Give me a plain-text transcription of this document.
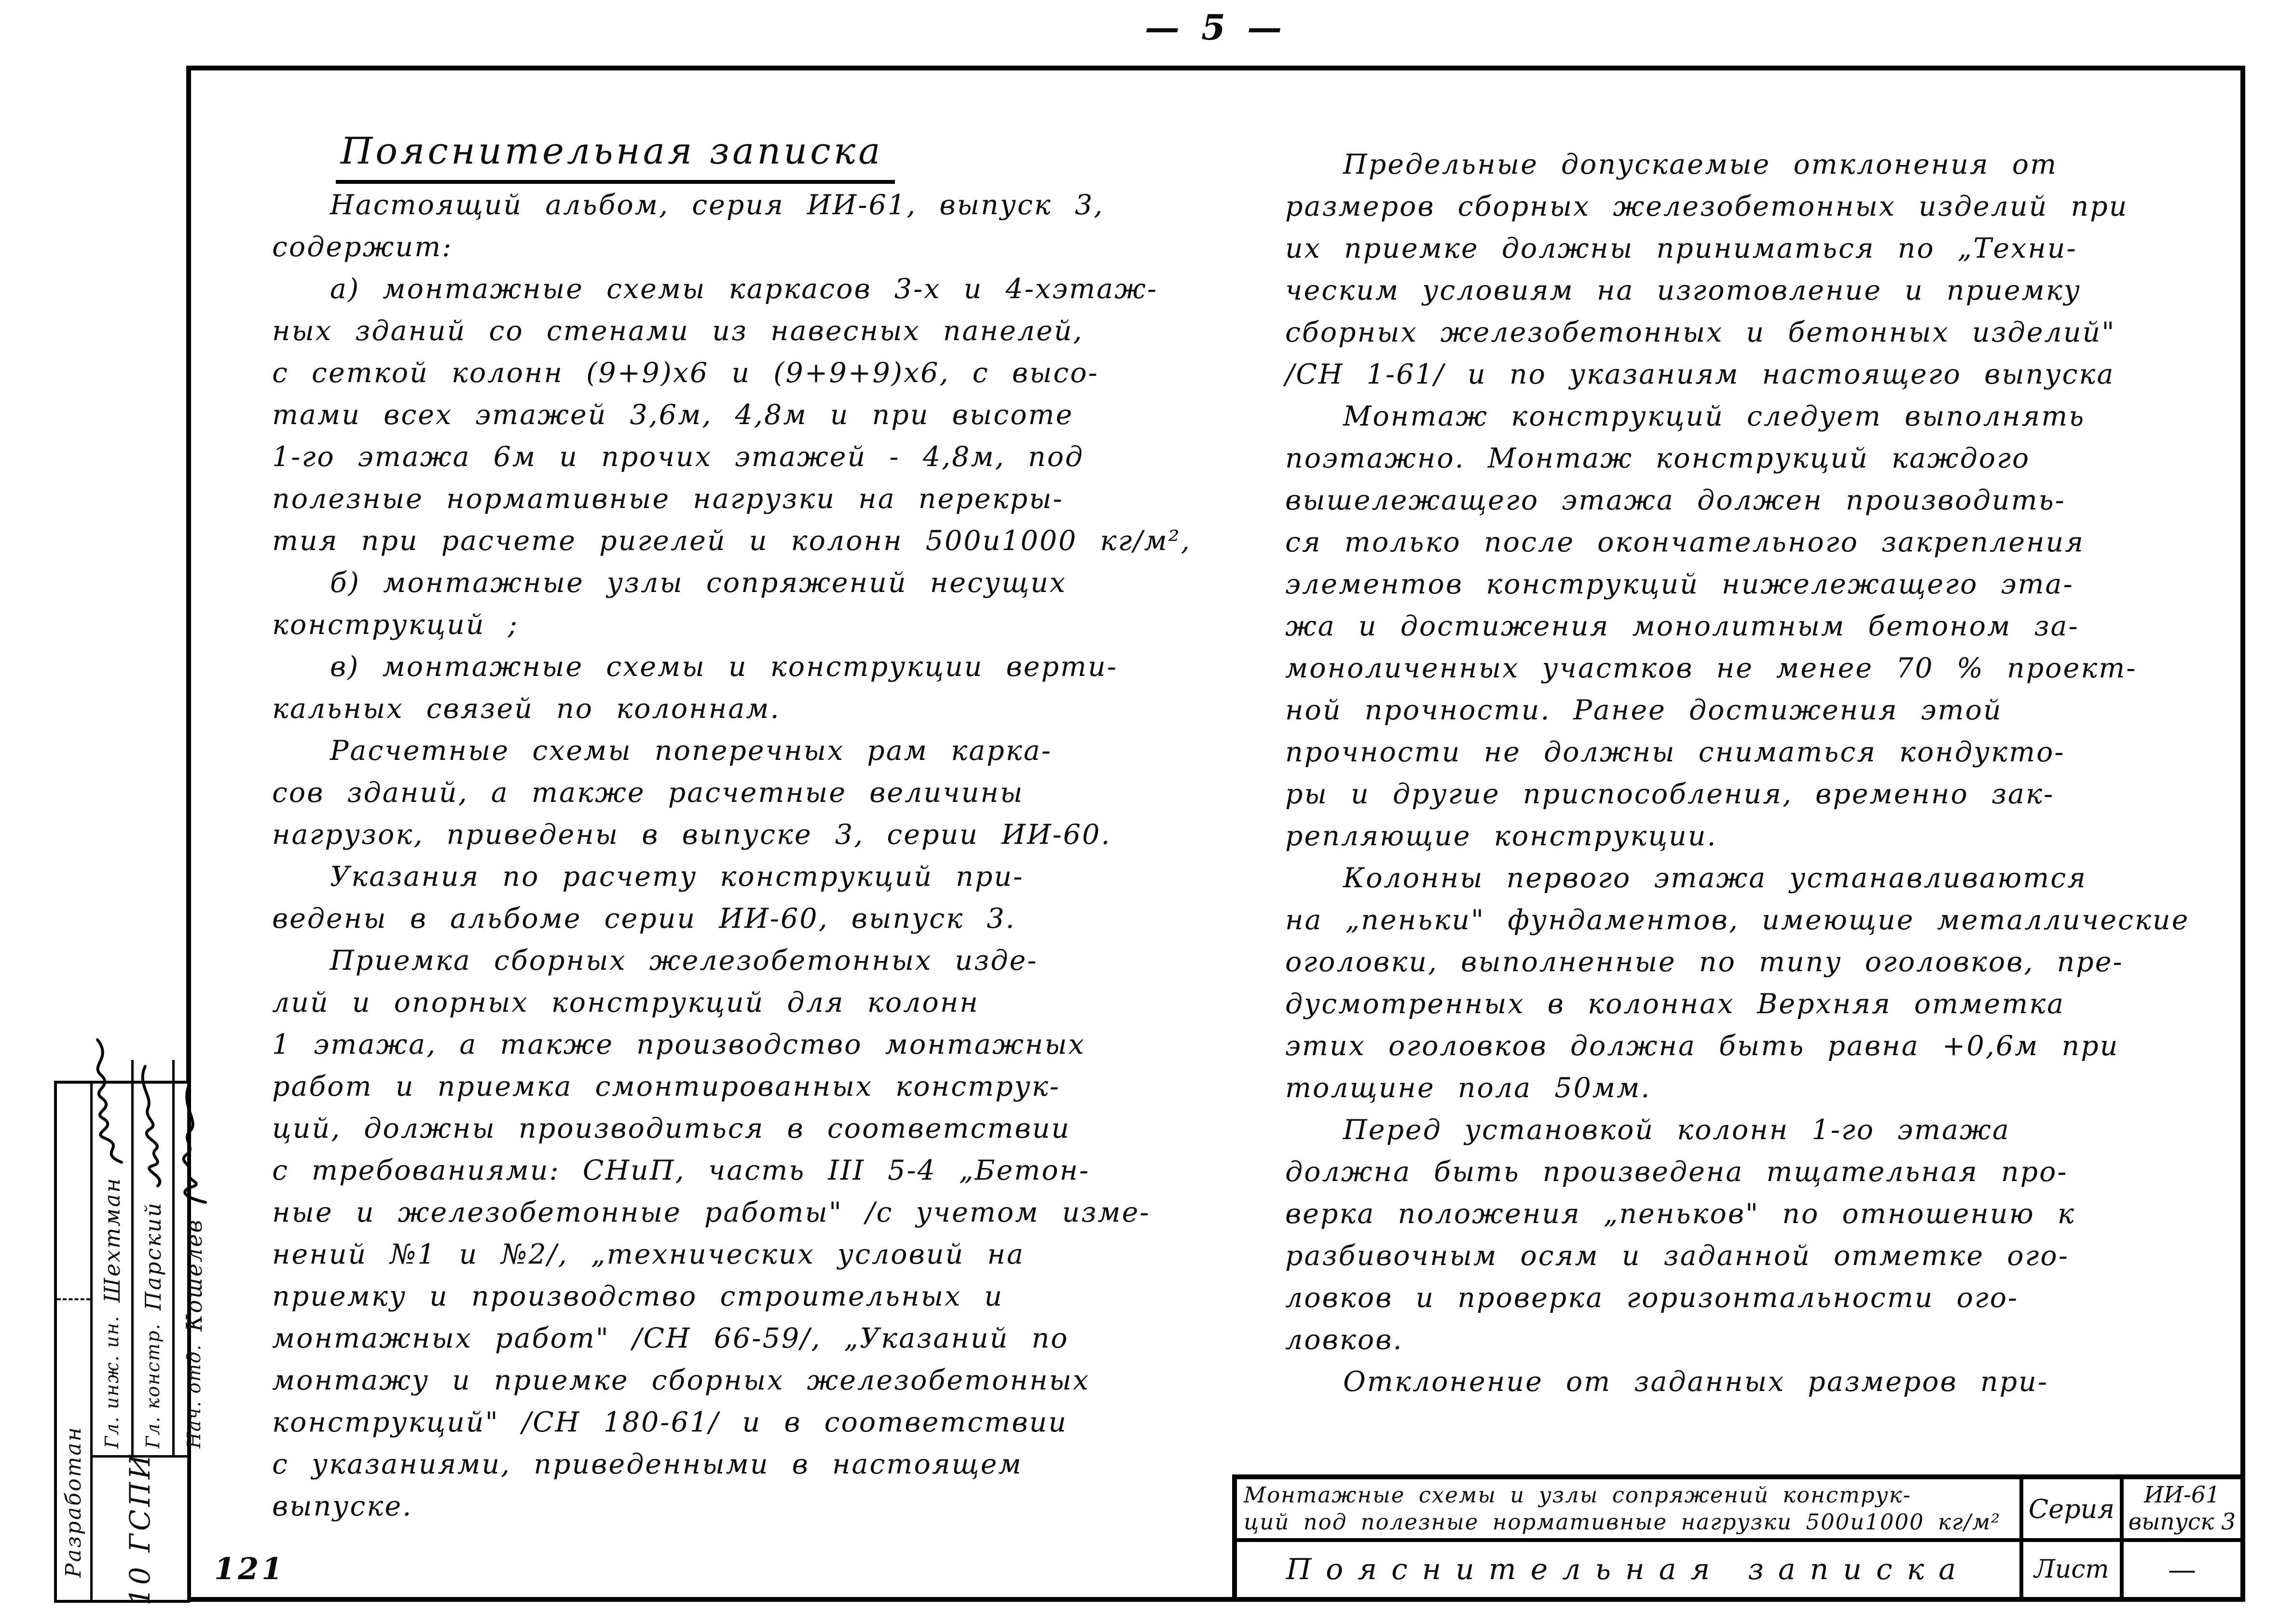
— 5 —
Пояснительная записка
  Настоящий альбом, серия ИИ-61, выпуск 3,
содержит:
  а) монтажные схемы каркасов 3-х и 4-хэтаж-
ных зданий со стенами из навесных панелей,
с сеткой колонн (9+9)х6 и (9+9+9)х6, с высо-
тами всех этажей 3,6м, 4,8м и при высоте
1-го этажа 6м и прочих этажей - 4,8м, под
полезные нормативные нагрузки на перекры-
тия при расчете ригелей и колонн 500и1000 кг/м²,
  б) монтажные узлы сопряжений несущих
конструкций ;
  в) монтажные схемы и конструкции верти-
кальных связей по колоннам.
  Расчетные схемы поперечных рам карка-
сов зданий, а также расчетные величины
нагрузок, приведены в выпуске 3, серии ИИ-60.
  Указания по расчету конструкций при-
ведены в альбоме серии ИИ-60, выпуск 3.
  Приемка сборных железобетонных изде-
лий и опорных конструкций для колонн
1 этажа, а также производство монтажных
работ и приемка смонтированных конструк-
ций, должны производиться в соответствии
с требованиями: СНиП, часть III 5-4 „Бетон-
ные и железобетонные работы" /с учетом изме-
нений №1 и №2/, „технических условий на
приемку и производство строительных и
монтажных работ" /СН 66-59/, „Указаний по
монтажу и приемке сборных железобетонных
конструкций" /СН 180-61/ и в соответствии
с указаниями, приведенными в настоящем
выпуске.
  Предельные допускаемые отклонения от
размеров сборных железобетонных изделий при
их приемке должны приниматься по „Техни-
ческим условиям на изготовление и приемку
сборных железобетонных и бетонных изделий"
/СН 1-61/ и по указаниям настоящего выпуска
  Монтаж конструкций следует выполнять
поэтажно. Монтаж конструкций каждого
вышележащего этажа должен производить-
ся только после окончательного закрепления
элементов конструкций нижележащего эта-
жа и достижения монолитным бетоном за-
моноличенных участков не менее 70 % проект-
ной прочности. Ранее достижения этой
прочности не должны сниматься кондукто-
ры и другие приспособления, временно зак-
репляющие конструкции.
  Колонны первого этажа устанавливаются
на „пеньки" фундаментов, имеющие металлические
оголовки, выполненные по типу оголовков, пре-
дусмотренных в колоннах Верхняя отметка
этих оголовков должна быть равна +0,6м при
толщине пола 50мм.
  Перед установкой колонн 1-го этажа
должна быть произведена тщательная про-
верка положения „пеньков" по отношению к
разбивочным осям и заданной отметке ого-
ловков и проверка горизонтальности ого-
ловков.
  Отклонение от заданных размеров при-
121
Монтажные схемы и узлы сопряжений конструк-
ций под полезные нормативные нагрузки 500и1000 кг/м²	Серия ИИ-61
выпуск 3
Пояснительная записка	Лист	—
Разработан	10 ГСПИ
Гл. инж. ин.
Шехтман
Гл. констр.
Парский
Нач. отд.
Кошелев
